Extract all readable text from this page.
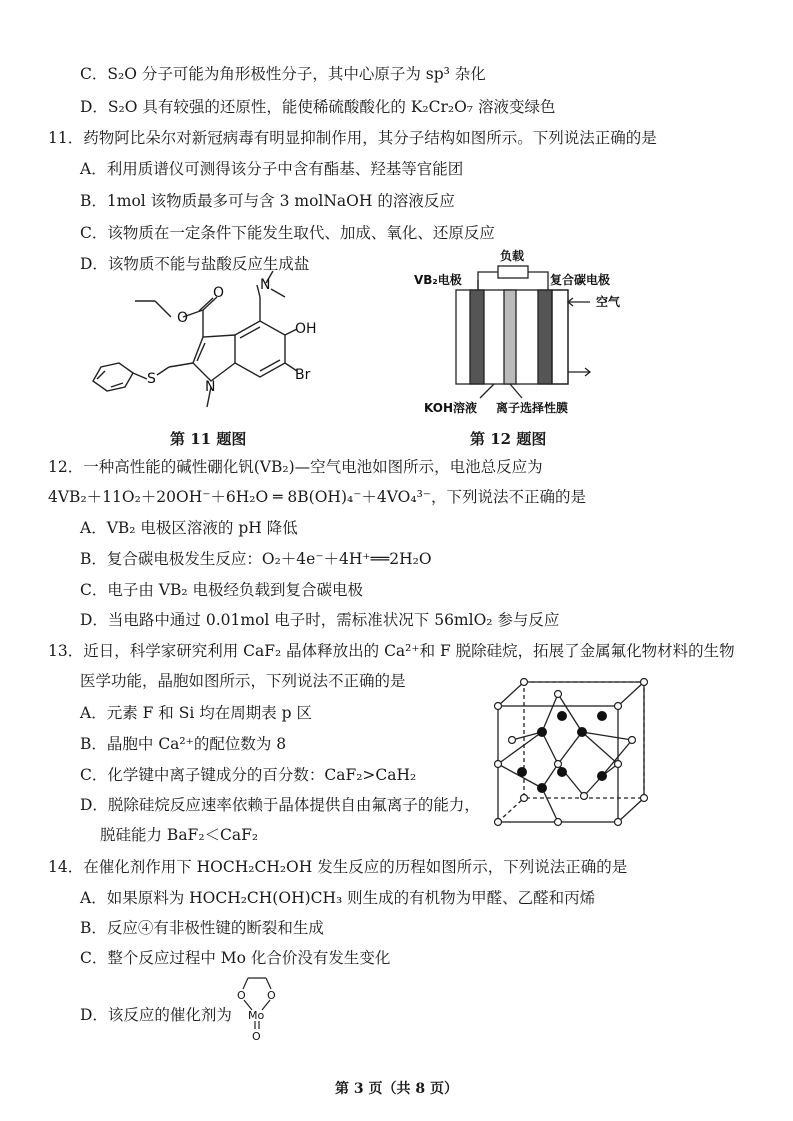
C．S₂O 分子可能为角形极性分子，其中心原子为 sp³ 杂化
D．S₂O 具有较强的还原性，能使稀硫酸酸化的 K₂Cr₂O₇ 溶液变绿色
11．药物阿比朵尔对新冠病毒有明显抑制作用，其分子结构如图所示。下列说法正确的是
A．利用质谱仪可测得该分子中含有酯基、羟基等官能团
B．1mol 该物质最多可与含 3 molNaOH 的溶液反应
C．该物质在一定条件下能发生取代、加成、氧化、还原反应
D．该物质不能与盐酸反应生成盐
O
O	N
OH
Br
N
S
第 11 题图
负载
VB₂电极	复合碳电极
空气
KOH溶液 离子选择性膜
第 12 题图
12．一种高性能的碱性硼化钒(VB₂)—空气电池如图所示，电池总反应为
4VB₂＋11O₂＋20OH⁻＋6H₂O ═ 8B(OH)₄⁻＋4VO₄³⁻，下列说法不正确的是
A．VB₂ 电极区溶液的 pH 降低
B．复合碳电极发生反应：O₂＋4e⁻＋4H⁺══2H₂O
C．电子由 VB₂ 电极经负载到复合碳电极
D．当电路中通过 0.01mol 电子时，需标准状况下 56mlO₂ 参与反应
13．近日，科学家研究利用 CaF₂ 晶体释放出的 Ca²⁺和 F 脱除硅烷，拓展了金属氟化物材料的生物
医学功能，晶胞如图所示，下列说法不正确的是
A．元素 F 和 Si 均在周期表 p 区
B．晶胞中 Ca²⁺的配位数为 8
C．化学键中离子键成分的百分数：CaF₂>CaH₂
D．脱除硅烷反应速率依赖于晶体提供自由氟离子的能力，
脱硅能力 BaF₂＜CaF₂
14．在催化剂作用下 HOCH₂CH₂OH 发生反应的历程如图所示，下列说法正确的是
A．如果原料为 HOCH₂CH(OH)CH₃ 则生成的有机物为甲醛、乙醛和丙烯
B．反应④有非极性键的断裂和生成
C．整个反应过程中 Mo 化合价没有发生变化
D．该反应的催化剂为
O O
Mo
O
第 3 页（共 8 页）
